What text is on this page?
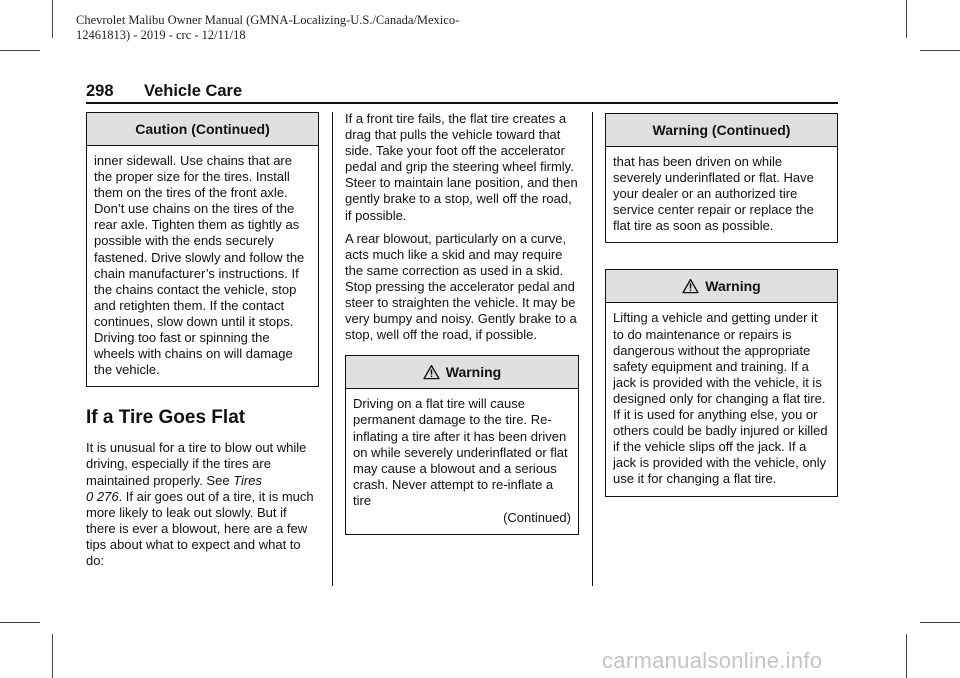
Chevrolet Malibu Owner Manual (GMNA-Localizing-U.S./Canada/Mexico-
12461813) - 2019 - crc - 12/11/18
298 Vehicle Care
Caution (Continued)

inner sidewall. Use chains that are the proper size for the tires. Install them on the tires of the front axle. Don’t use chains on the tires of the rear axle. Tighten them as tightly as possible with the ends securely fastened. Drive slowly and follow the chain manufacturer’s instructions. If the chains contact the vehicle, stop and retighten them. If the contact continues, slow down until it stops. Driving too fast or spinning the wheels with chains on will damage the vehicle.

If a Tire Goes Flat

It is unusual for a tire to blow out while driving, especially if the tires are maintained properly. See Tires
0 276. If air goes out of a tire, it is much more likely to leak out slowly. But if there is ever a blowout, here are a few tips about what to expect and what to do:

If a front tire fails, the flat tire creates a drag that pulls the vehicle toward that side. Take your foot off the accelerator pedal and grip the steering wheel firmly. Steer to maintain lane position, and then gently brake to a stop, well off the road, if possible.

A rear blowout, particularly on a curve, acts much like a skid and may require the same correction as used in a skid. Stop pressing the accelerator pedal and steer to straighten the vehicle. It may be very bumpy and noisy. Gently brake to a stop, well off the road, if possible.

Warning

Driving on a flat tire will cause permanent damage to the tire. Re-inflating a tire after it has been driven on while severely underinflated or flat may cause a blowout and a serious crash. Never attempt to re-inflate a tire

(Continued)
Warning (Continued)

that has been driven on while severely underinflated or flat. Have your dealer or an authorized tire service center repair or replace the flat tire as soon as possible.

Warning

Lifting a vehicle and getting under it to do maintenance or repairs is dangerous without the appropriate safety equipment and training. If a jack is provided with the vehicle, it is designed only for changing a flat tire. If it is used for anything else, you or others could be badly injured or killed if the vehicle slips off the jack. If a jack is provided with the vehicle, only use it for changing a flat tire.

carmanualsonline.info
